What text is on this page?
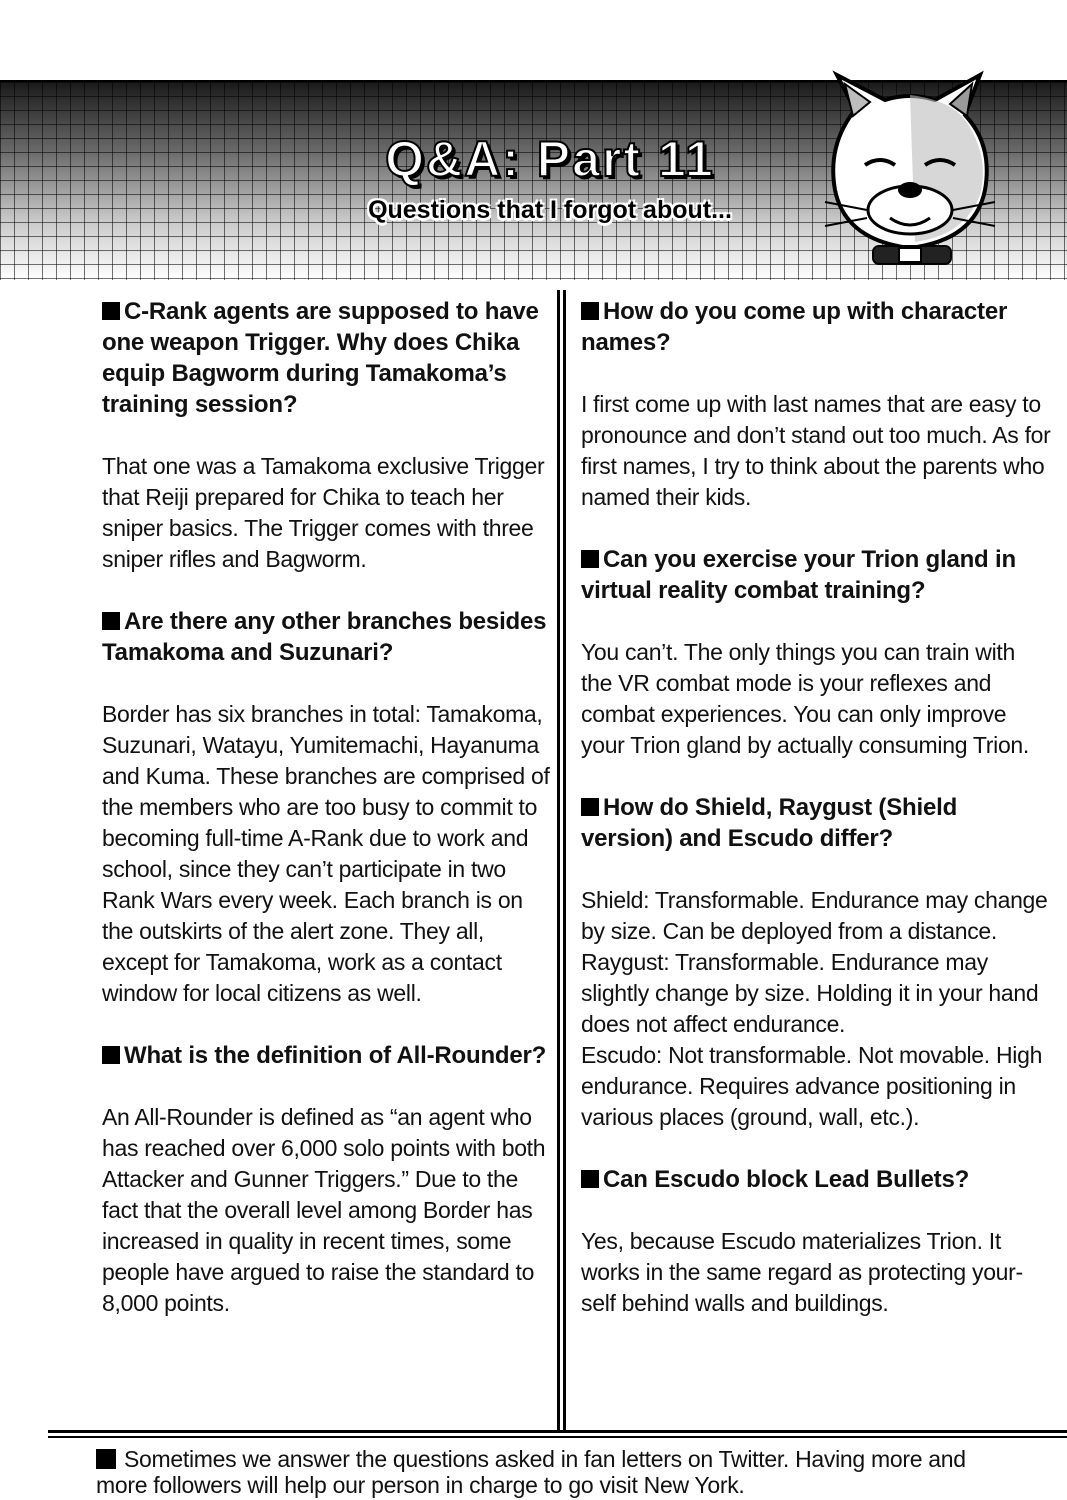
Q&A: Part 11
Questions that I forgot about...

C-Rank agents are supposed to have one weapon Trigger. Why does Chika equip Bagworm during Tamakoma’s training session?

That one was a Tamakoma exclusive Trigger that Reiji prepared for Chika to teach her sniper basics. The Trigger comes with three sniper rifles and Bagworm.

Are there any other branches besides Tamakoma and Suzunari?

Border has six branches in total: Tamakoma, Suzunari, Watayu, Yumitemachi, Hayanuma and Kuma. These branches are comprised of the members who are too busy to commit to becoming full-time A-Rank due to work and school, since they can’t participate in two Rank Wars every week. Each branch is on the outskirts of the alert zone. They all, except for Tamakoma, work as a contact window for local citizens as well.

What is the definition of All-Rounder?

An All-Rounder is defined as “an agent who has reached over 6,000 solo points with both Attacker and Gunner Triggers.” Due to the fact that the overall level among Border has increased in quality in recent times, some people have argued to raise the standard to 8,000 points.

How do you come up with character names?

I first come up with last names that are easy to pronounce and don’t stand out too much. As for first names, I try to think about the parents who named their kids.

Can you exercise your Trion gland in virtual reality combat training?

You can’t. The only things you can train with the VR combat mode is your reflexes and combat experiences. You can only improve your Trion gland by actually consuming Trion.

How do Shield, Raygust (Shield version) and Escudo differ?

Shield: Transformable. Endurance may change by size. Can be deployed from a distance.
Raygust: Transformable. Endurance may slightly change by size. Holding it in your hand does not affect endurance.
Escudo: Not transformable. Not movable. High endurance. Requires advance positioning in various places (ground, wall, etc.).

Can Escudo block Lead Bullets?

Yes, because Escudo materializes Trion. It works in the same regard as protecting your-self behind walls and buildings.

Sometimes we answer the questions asked in fan letters on Twitter. Having more and more followers will help our person in charge to go visit New York.
